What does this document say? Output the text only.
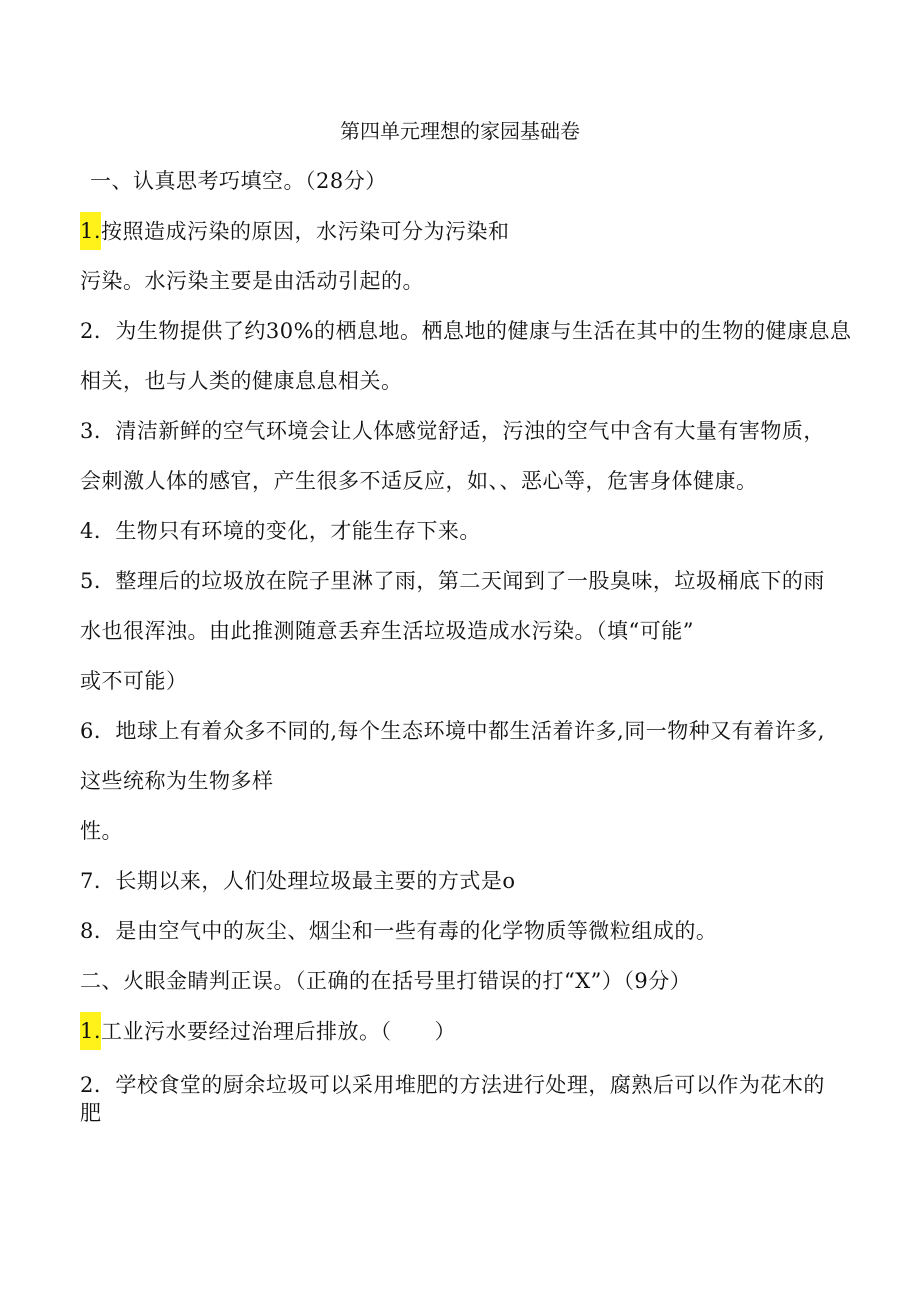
第四单元理想的家园基础卷
一、认真思考巧填空。（28分）
1.按照造成污染的原因，水污染可分为污染和
污染。水污染主要是由活动引起的。
2．为生物提供了约30%的栖息地。栖息地的健康与生活在其中的生物的健康息息
相关，也与人类的健康息息相关。
3．清洁新鲜的空气环境会让人体感觉舒适，污浊的空气中含有大量有害物质，
会刺激人体的感官，产生很多不适反应，如、、恶心等，危害身体健康。
4．生物只有环境的变化，才能生存下来。
5．整理后的垃圾放在院子里淋了雨，第二天闻到了一股臭味，垃圾桶底下的雨
水也很浑浊。由此推测随意丢弃生活垃圾造成水污染。（填“可能”
或不可能）
6．地球上有着众多不同的,每个生态环境中都生活着许多,同一物种又有着许多,
这些统称为生物多样
性。
7．长期以来，人们处理垃圾最主要的方式是o
8．是由空气中的灰尘、烟尘和一些有毒的化学物质等微粒组成的。
二、火眼金睛判正误。（正确的在括号里打错误的打“X”）（9分）
1.工业污水要经过治理后排放。（　　）
2．学校食堂的厨余垃圾可以采用堆肥的方法进行处理，腐熟后可以作为花木的
肥
